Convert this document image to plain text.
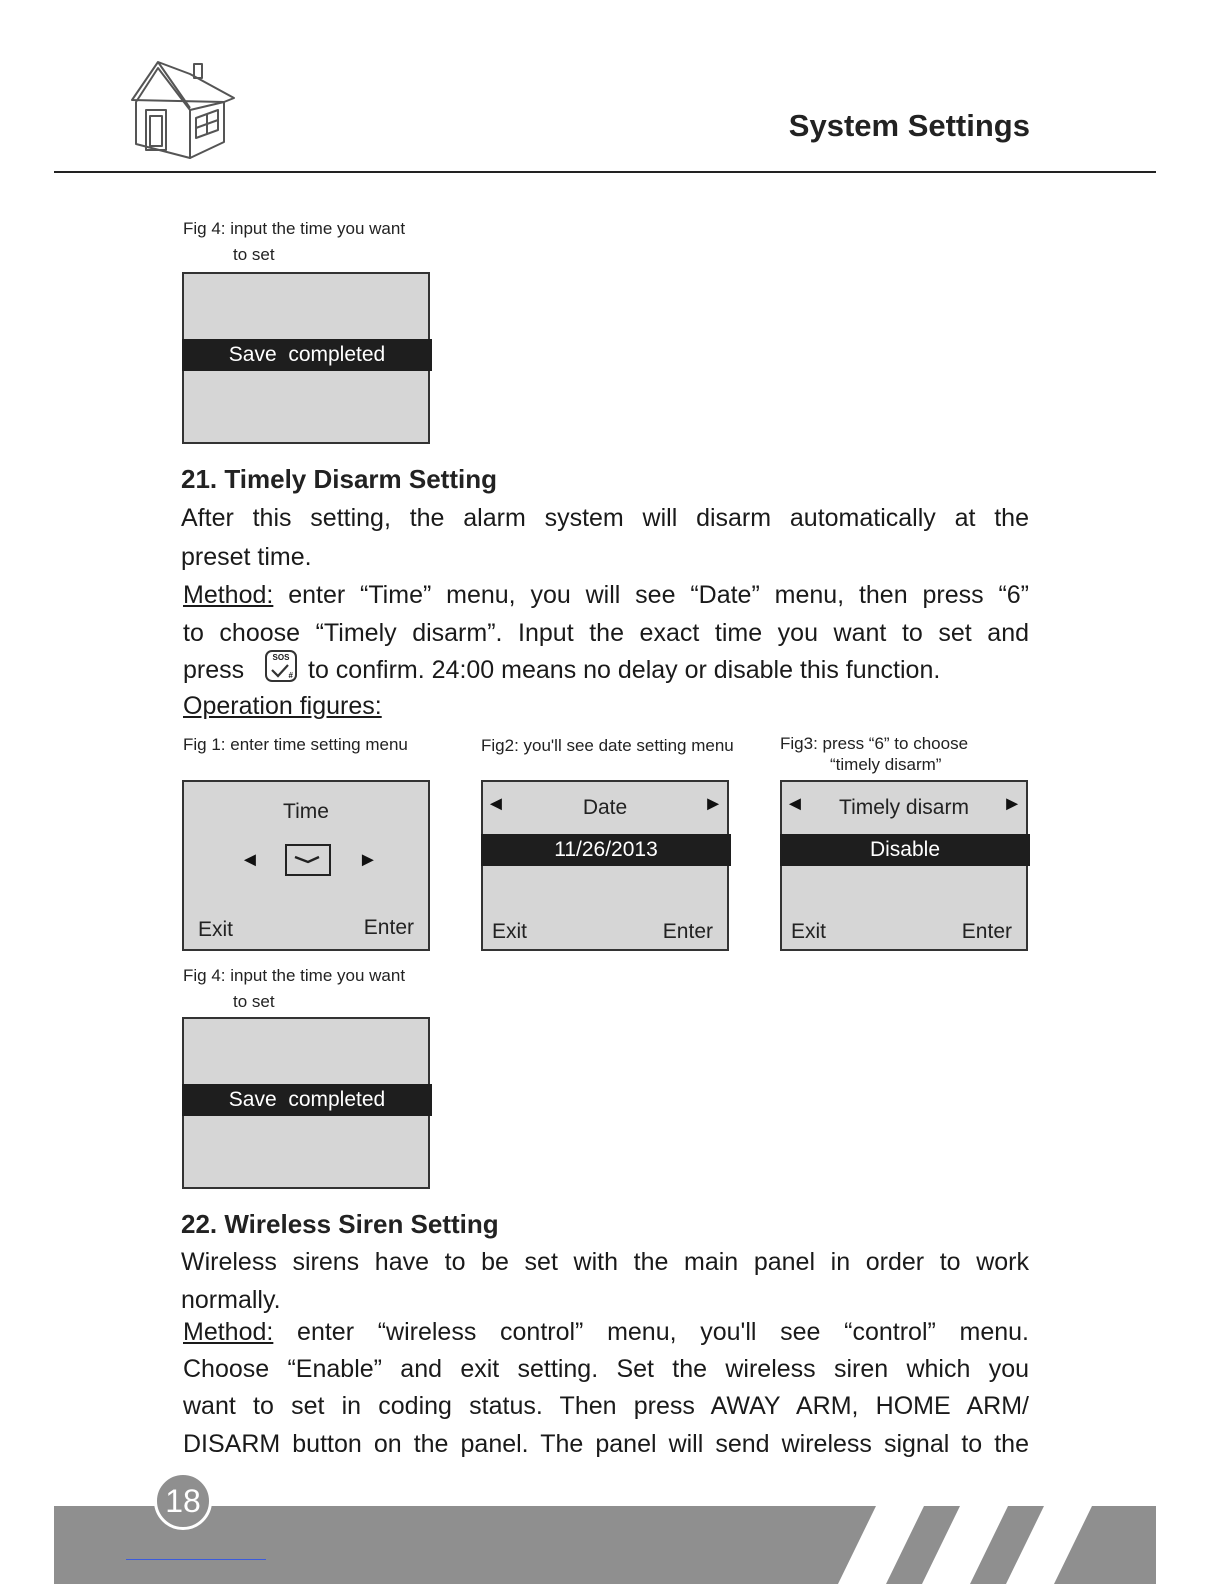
System Settings
Fig 4: input the time you want
to set
Save  completed
21. Timely Disarm Setting
After this setting, the alarm system will disarm automatically at the
preset time.
Method: enter “Time” menu, you will see “Date” menu, then press “6”
to choose “Timely disarm”. Input the exact time you want to set and
press	SOS
# to confirm. 24:00 means no delay or disable this function.
Operation figures:
Fig 1: enter time setting menu
Time
◄	►
Exit	Enter
Fig2: you'll see date setting menu
◄	Date	►
11/26/2013
Exit	Enter
Fig3: press “6” to choose
“timely disarm”
◄	Timely disarm	►
Disable
Exit	Enter
Fig 4: input the time you want
to set
Save  completed
22. Wireless Siren Setting
Wireless sirens have to be set with the main panel in order to work
normally.
Method: enter “wireless control” menu, you'll see “control” menu.
Choose “Enable” and exit setting. Set the wireless siren which you
want to set in coding status. Then press AWAY ARM, HOME ARM/
DISARM button on the panel. The panel will send wireless signal to the
18
